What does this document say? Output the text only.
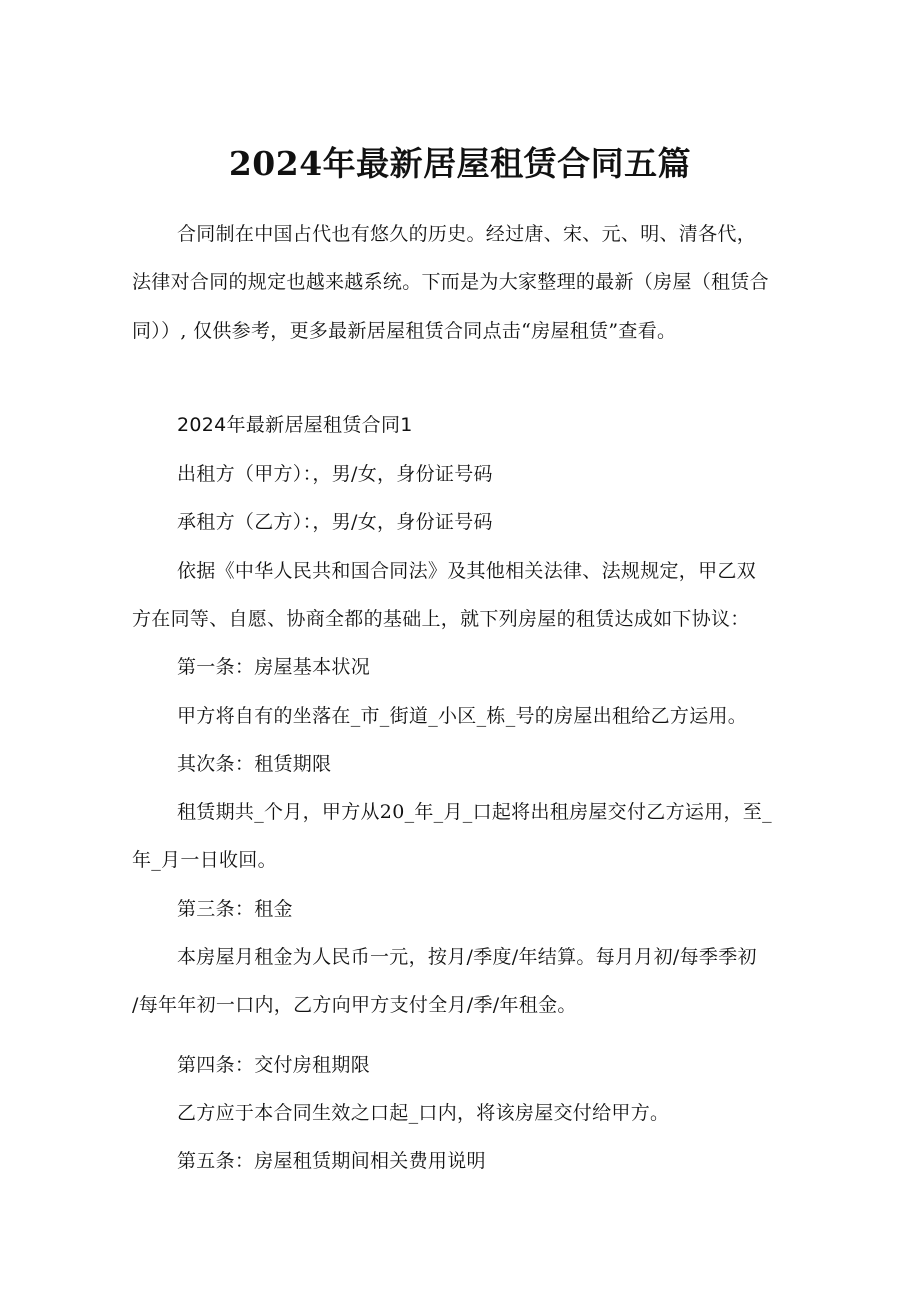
2024年最新居屋租赁合同五篇
合同制在中国占代也有悠久的历史。经过唐、宋、元、明、清各代，
法律对合同的规定也越来越系统。下而是为大家整理的最新（房屋（租赁合
同））, 仅供参考，更多最新居屋租赁合同点击“房屋租赁”查看。
2024年最新居屋租赁合同1
出租方（甲方）：，男/女，身份证号码
承租方（乙方）：，男/女，身份证号码
依据《中华人民共和国合同法》及其他相关法律、法规规定，甲乙双
方在同等、自愿、协商全都的基础上，就下列房屋的租赁达成如下协议：
第一条：房屋基本状况
甲方将自有的坐落在_市_街道_小区_栋_号的房屋出租给乙方运用。
其次条：租赁期限
租赁期共_个月，甲方从20_年_月_口起将出租房屋交付乙方运用，至_
年_月一日收回。
第三条：租金
本房屋月租金为人民币一元，按月/季度/年结算。每月月初/每季季初
/每年年初一口内，乙方向甲方支付全月/季/年租金。
第四条：交付房租期限
乙方应于本合同生效之口起_口内，将该房屋交付给甲方。
第五条：房屋租赁期间相关费用说明
